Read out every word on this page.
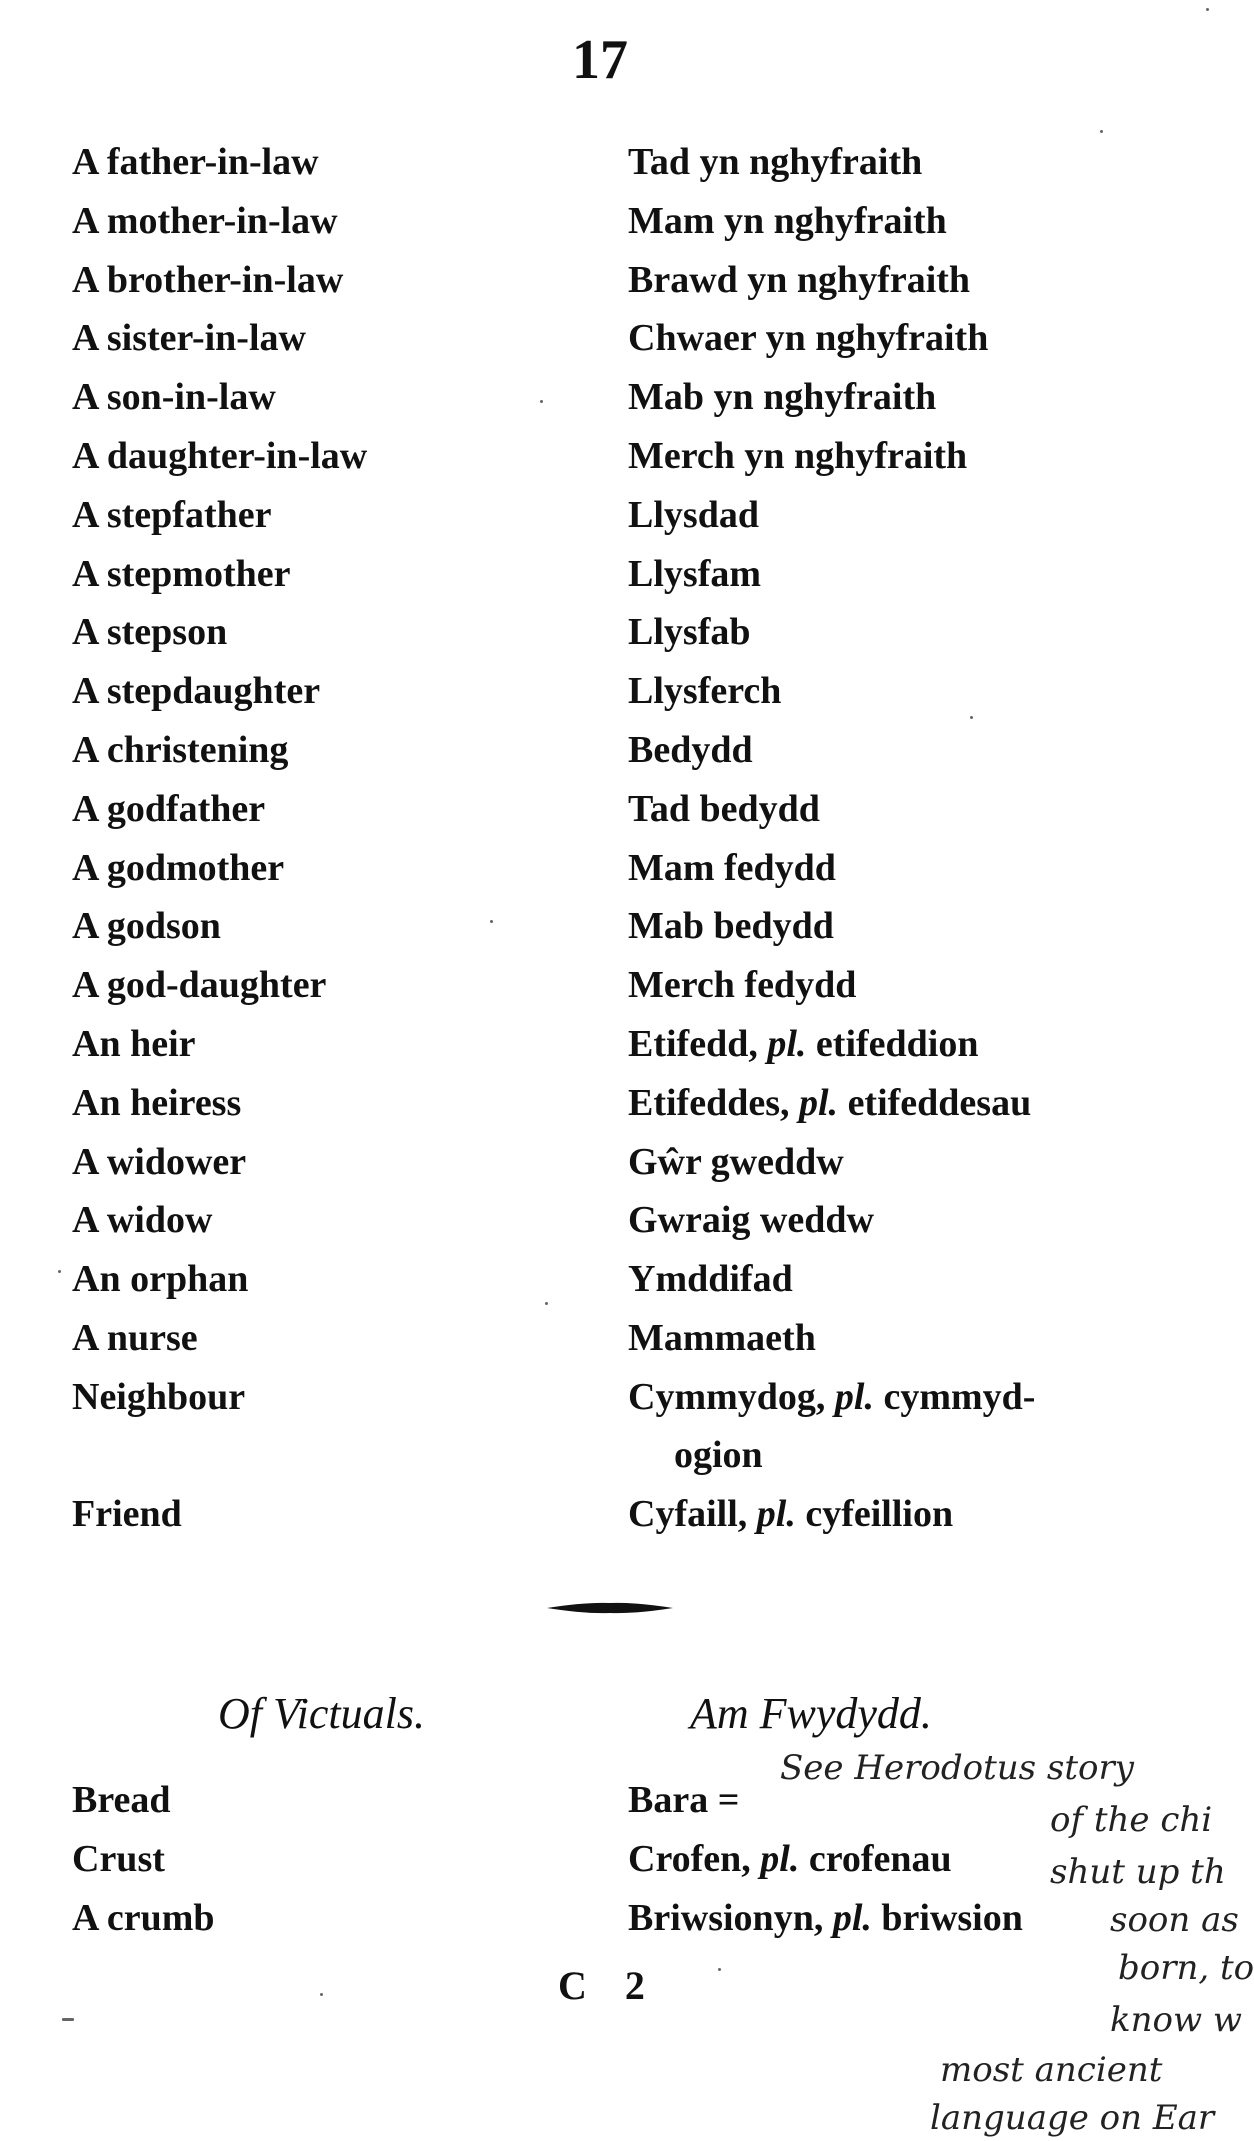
17
A father-in-law	Tad yn nghyfraith
A mother-in-law	Mam yn nghyfraith
A brother-in-law	Brawd yn nghyfraith
A sister-in-law	Chwaer yn nghyfraith
A son-in-law	Mab yn nghyfraith
A daughter-in-law	Merch yn nghyfraith
A stepfather	Llysdad
A stepmother	Llysfam
A stepson	Llysfab
A stepdaughter	Llysferch
A christening	Bedydd
A godfather	Tad bedydd
A godmother	Mam fedydd
A godson	Mab bedydd
A god-daughter	Merch fedydd
An heir	Etifedd, pl. etifeddion
An heiress	Etifeddes, pl. etifeddesau
A widower	Gŵr gweddw
A widow	Gwraig weddw
An orphan	Ymddifad
A nurse	Mammaeth
Neighbour	Cymmydog, pl. cymmyd-
ogion
Friend	Cyfaill, pl. cyfeillion
Of Victuals.	Am Fwydydd.
Bread	Bara =
Crust	Crofen, pl. crofenau
A crumb	Briwsionyn, pl. briwsion
C 2
See Herodotus story
of the chi
shut up th
soon as
born, to
know w
most ancient
language on Ear
